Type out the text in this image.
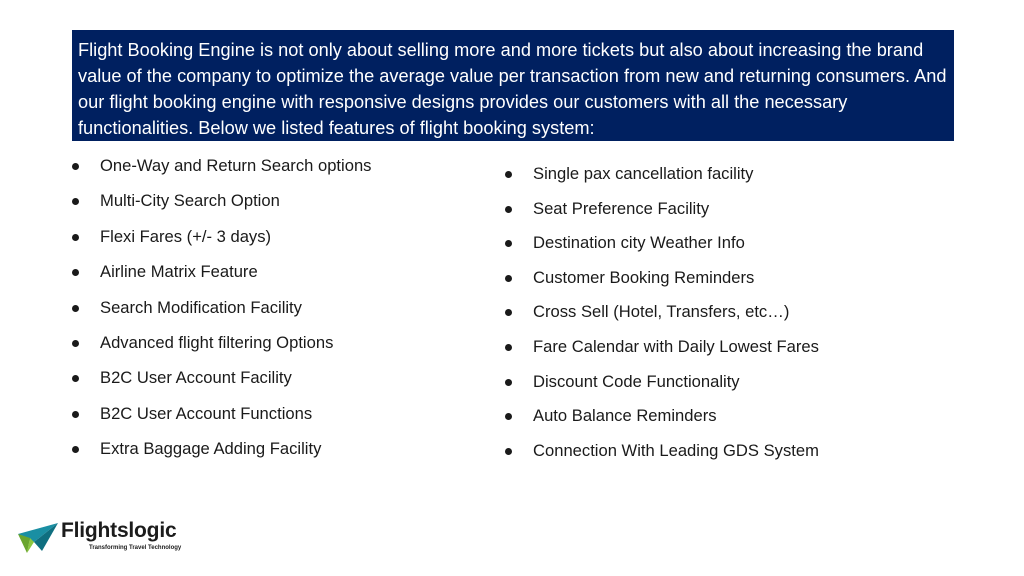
Flight Booking Engine is not only about selling more and more tickets but also about increasing the brand value of the company to optimize the average value per transaction from new and returning consumers. And our flight booking engine with responsive designs provides our customers with all the necessary functionalities. Below we listed features of flight booking system:
One-Way and Return Search options
Multi-City Search Option
Flexi Fares (+/- 3 days)
Airline Matrix Feature
Search Modification Facility
Advanced flight filtering Options
B2C User Account Facility
B2C User Account Functions
Extra Baggage Adding Facility
Single pax cancellation facility
Seat Preference Facility
Destination city Weather Info
Customer Booking Reminders
Cross Sell (Hotel, Transfers, etc…)
Fare Calendar with Daily Lowest Fares
Discount Code Functionality
Auto Balance Reminders
Connection With Leading GDS System
Flightslogic
Transforming Travel Technology
